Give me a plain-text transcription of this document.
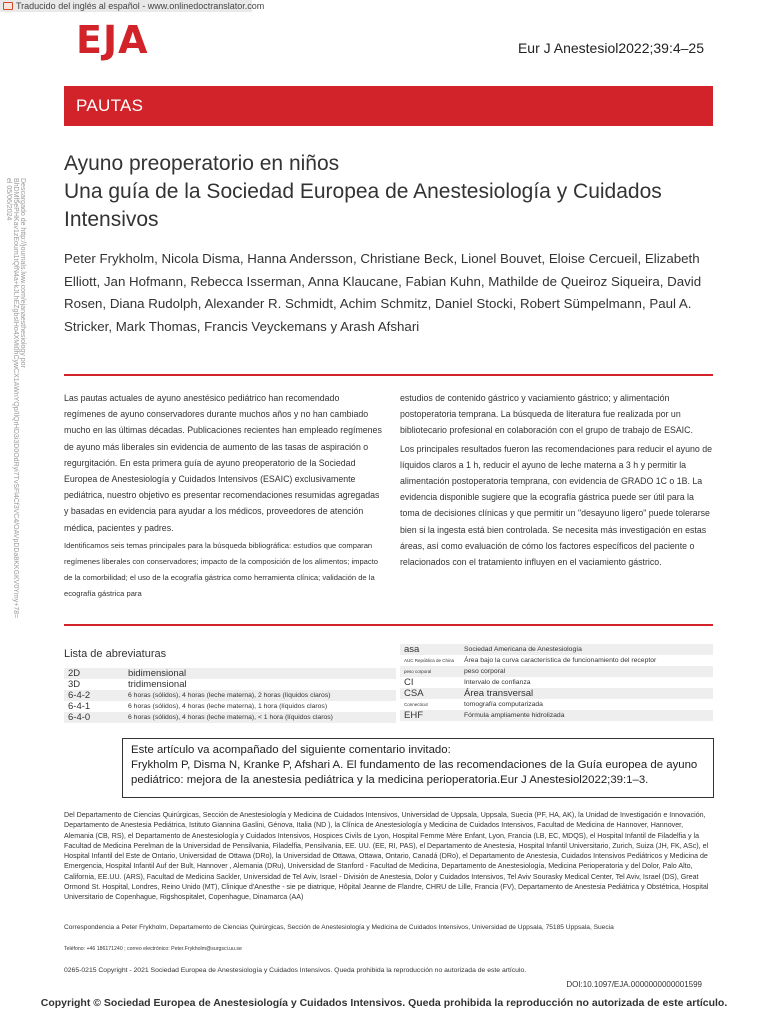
Traducido del inglés al español - www.onlinedoctranslator.com
EJA	Eur J Anestesiol2022;39:4–25
PAUTAS
Descargado de http://journals.lww.com/ejanaesthesiology por BhDMf5ePHKav1zEoum1tQfN4a+kJLhEZgbsIHo4XMi0hCywCX1AWnYQp/IlQrHD3i3D0OdRyi7TvSFl4Cf3VC4/OAVpDDa8KKGKV0Ymy+78= el 05/06/2024
Ayuno preoperatorio en niños
Una guía de la Sociedad Europea de Anestesiología y Cuidados Intensivos
Peter Frykholm, Nicola Disma, Hanna Andersson, Christiane Beck, Lionel Bouvet, Eloise Cercueil, Elizabeth Elliott, Jan Hofmann, Rebecca Isserman, Anna Klaucane, Fabian Kuhn, Mathilde de Queiroz Siqueira, David Rosen, Diana Rudolph, Alexander R. Schmidt, Achim Schmitz, Daniel Stocki, Robert Sümpelmann, Paul A. Stricker, Mark Thomas, Francis Veyckemans y Arash Afshari

Las pautas actuales de ayuno anestésico pediátrico han recomendado regímenes de ayuno conservadores durante muchos años y no han cambiado mucho en las últimas décadas. Publicaciones recientes han empleado regímenes de ayuno más liberales sin evidencia de aumento de las tasas de aspiración o regurgitación. En esta primera guía de ayuno preoperatorio de la Sociedad Europea de Anestesiología y Cuidados Intensivos (ESAIC) exclusivamente pediátrica, nuestro objetivo es presentar recomendaciones resumidas agregadas y basadas en evidencia para ayudar a los médicos, proveedores de atención médica, pacientes y padres.

Identificamos seis temas principales para la búsqueda bibliográfica: estudios que comparan regímenes liberales con conservadores; impacto de la composición de los alimentos; impacto de la comorbilidad; el uso de la ecografía gástrica como herramienta clínica; validación de la ecografía gástrica para

estudios de contenido gástrico y vaciamiento gástrico; y alimentación postoperatoria temprana. La búsqueda de literatura fue realizada por un bibliotecario profesional en colaboración con el grupo de trabajo de ESAIC.

Los principales resultados fueron las recomendaciones para reducir el ayuno de líquidos claros a 1 h, reducir el ayuno de leche materna a 3 h y permitir la alimentación postoperatoria temprana, con evidencia de GRADO 1C o 1B. La evidencia disponible sugiere que la ecografía gástrica puede ser útil para la toma de decisiones clínicas y que permitir un "desayuno ligero" puede tolerarse bien si la ingesta está bien controlada. Se necesita más investigación en estas áreas, así como evaluación de cómo los factores específicos del paciente o relacionados con el tratamiento influyen en el vaciamiento gástrico.

Lista de abreviaturas
2D	bidimensional
3D	tridimensional
6-4-2	6 horas (sólidos), 4 horas (leche materna), 2 horas (líquidos claros)
6-4-1	6 horas (sólidos), 4 horas (leche materna), 1 hora (líquidos claros)
6-4-0	6 horas (sólidos), 4 horas (leche materna), < 1 hora (líquidos claros)
asa	Sociedad Americana de Anestesiología
AUC República de China	Área bajo la curva característica de funcionamiento del receptor
peso corporal	peso corporal
CI	Intervalo de confianza
CSA	Área transversal
Connecticut	tomografía computarizada
EHF	Fórmula ampliamente hidrolizada
Este artículo va acompañado del siguiente comentario invitado:
Frykholm P, Disma N, Kranke P, Afshari A. El fundamento de las recomendaciones de la Guía europea de ayuno pediátrico: mejora de la anestesia pediátrica y la medicina perioperatoria.Eur J Anestesiol2022;39:1–3.
Del Departamento de Ciencias Quirúrgicas, Sección de Anestesiología y Medicina de Cuidados Intensivos, Universidad de Uppsala, Uppsala, Suecia (PF, HA, AK), la Unidad de Investigación e Innovación, Departamento de Anestesia Pediátrica, Istituto Giannina Gaslini, Génova, Italia (ND ), la Clínica de Anestesiología y Medicina de Cuidados Intensivos, Facultad de Medicina de Hannover, Hannover, Alemania (CB, RS), el Departamento de Anestesiología y Cuidados Intensivos, Hospices Civils de Lyon, Hospital Femme Mère Enfant, Lyon, Francia (LB, EC, MDQS), el Hospital Infantil de Filadelfia y la Facultad de Medicina Perelman de la Universidad de Pensilvania, Filadelfia, Pensilvania, EE. UU. (EE, RI, PAS), el Departamento de Anestesia, Hospital Infantil Universitario, Zurich, Suiza (JH, FK, ASc), el Hospital Infantil del Este de Ontario, Universidad de Ottawa (DRo), la Universidad de Ottawa, Ottawa, Ontario, Canadá (DRo), el Departamento de Anestesia, Cuidados Intensivos Pediátricos y Medicina de Emergencia, Hospital Infantil Auf der Bult, Hannover , Alemania (DRu), Universidad de Stanford - Facultad de Medicina, Departamento de Anestesiología, Medicina Perioperatoria y del Dolor, Palo Alto, California, EE.UU. (ARS), Facultad de Medicina Sackler, Universidad de Tel Aviv, Israel - División de Anestesia, Dolor y Cuidados Intensivos, Tel Aviv Sourasky Medical Center, Tel Aviv, Israel (DS), Great Ormond St. Hospital, Londres, Reino Unido (MT), Clinique d'Anesthe - sie pe diatrique, Hôpital Jeanne de Flandre, CHRU de Lille, Francia (FV), Departamento de Anestesia Pediátrica y Obstétrica, Hospital Universitario de Copenhague, Rigshospitalet, Copenhague, Dinamarca (AA)
Correspondencia a Peter Frykholm, Departamento de Ciencias Quirúrgicas, Sección de Anestesiología y Medicina de Cuidados Intensivos, Universidad de Uppsala, 75185 Uppsala, Suecia
Teléfono: +46 186171240 ; correo electrónico: Peter.Frykholm@surgsci.uu.se
0265-0215 Copyright - 2021 Sociedad Europea de Anestesiología y Cuidados Intensivos. Queda prohibida la reproducción no autorizada de este artículo.
DOI:10.1097/EJA.0000000000001599
Copyright © Sociedad Europea de Anestesiología y Cuidados Intensivos. Queda prohibida la reproducción no autorizada de este artículo.
